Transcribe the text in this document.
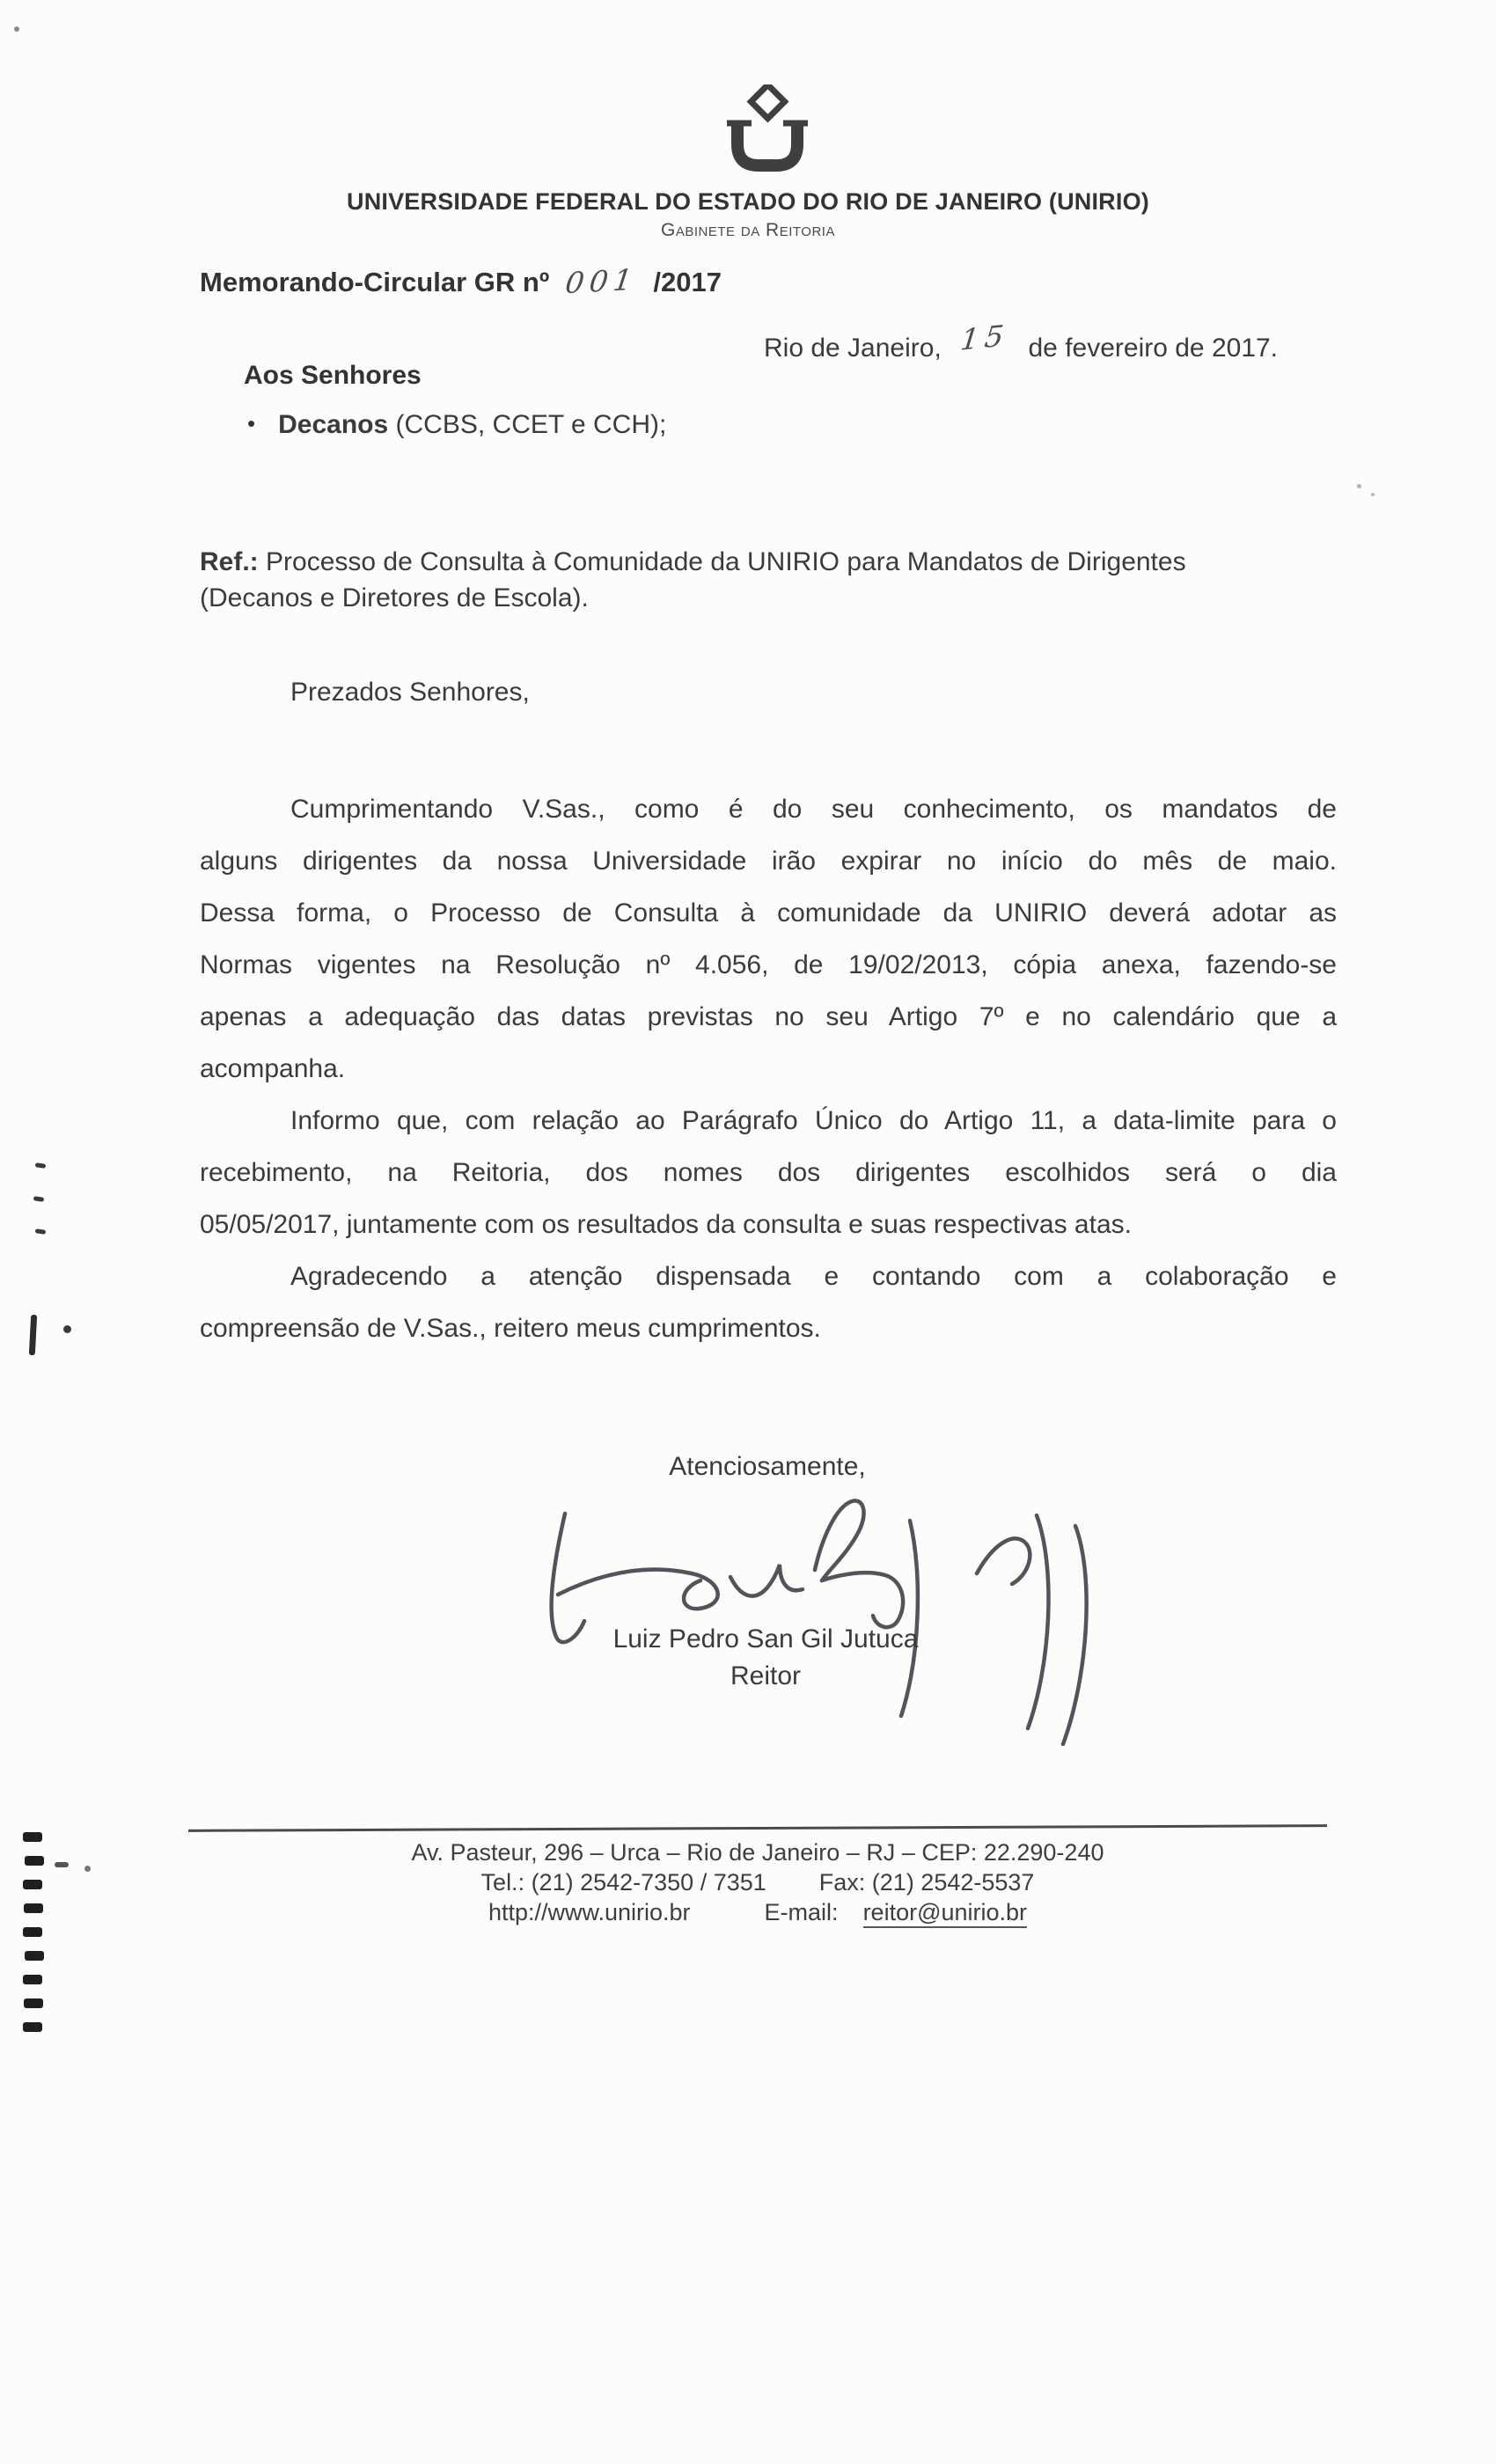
UNIVERSIDADE FEDERAL DO ESTADO DO RIO DE JANEIRO (UNIRIO)
Gabinete da Reitoria
Memorando-Circular GR nº 001 /2017
Rio de Janeiro, 15 de fevereiro de 2017.
Aos Senhores
• Decanos (CCBS, CCET e CCH);
Ref.: Processo de Consulta à Comunidade da UNIRIO para Mandatos de Dirigentes
(Decanos e Diretores de Escola).
Prezados Senhores,
Cumprimentando V.Sas., como é do seu conhecimento, os mandatos de
alguns dirigentes da nossa Universidade irão expirar no início do mês de maio.
Dessa forma, o Processo de Consulta à comunidade da UNIRIO deverá adotar as
Normas vigentes na Resolução nº 4.056, de 19/02/2013, cópia anexa, fazendo-se
apenas a adequação das datas previstas no seu Artigo 7º e no calendário que a
acompanha.
Informo que, com relação ao Parágrafo Único do Artigo 11, a data-limite para o
recebimento, na Reitoria, dos nomes dos dirigentes escolhidos será o dia
05/05/2017, juntamente com os resultados da consulta e suas respectivas atas.
Agradecendo a atenção dispensada e contando com a colaboração e
compreensão de V.Sas., reitero meus cumprimentos.
Atenciosamente,
Luiz Pedro San Gil Jutuca
Reitor
Av. Pasteur, 296 – Urca – Rio de Janeiro – RJ – CEP: 22.290-240
Tel.: (21) 2542-7350 / 7351 Fax: (21) 2542-5537
http://www.unirio.br	E-mail: reitor@unirio.br
